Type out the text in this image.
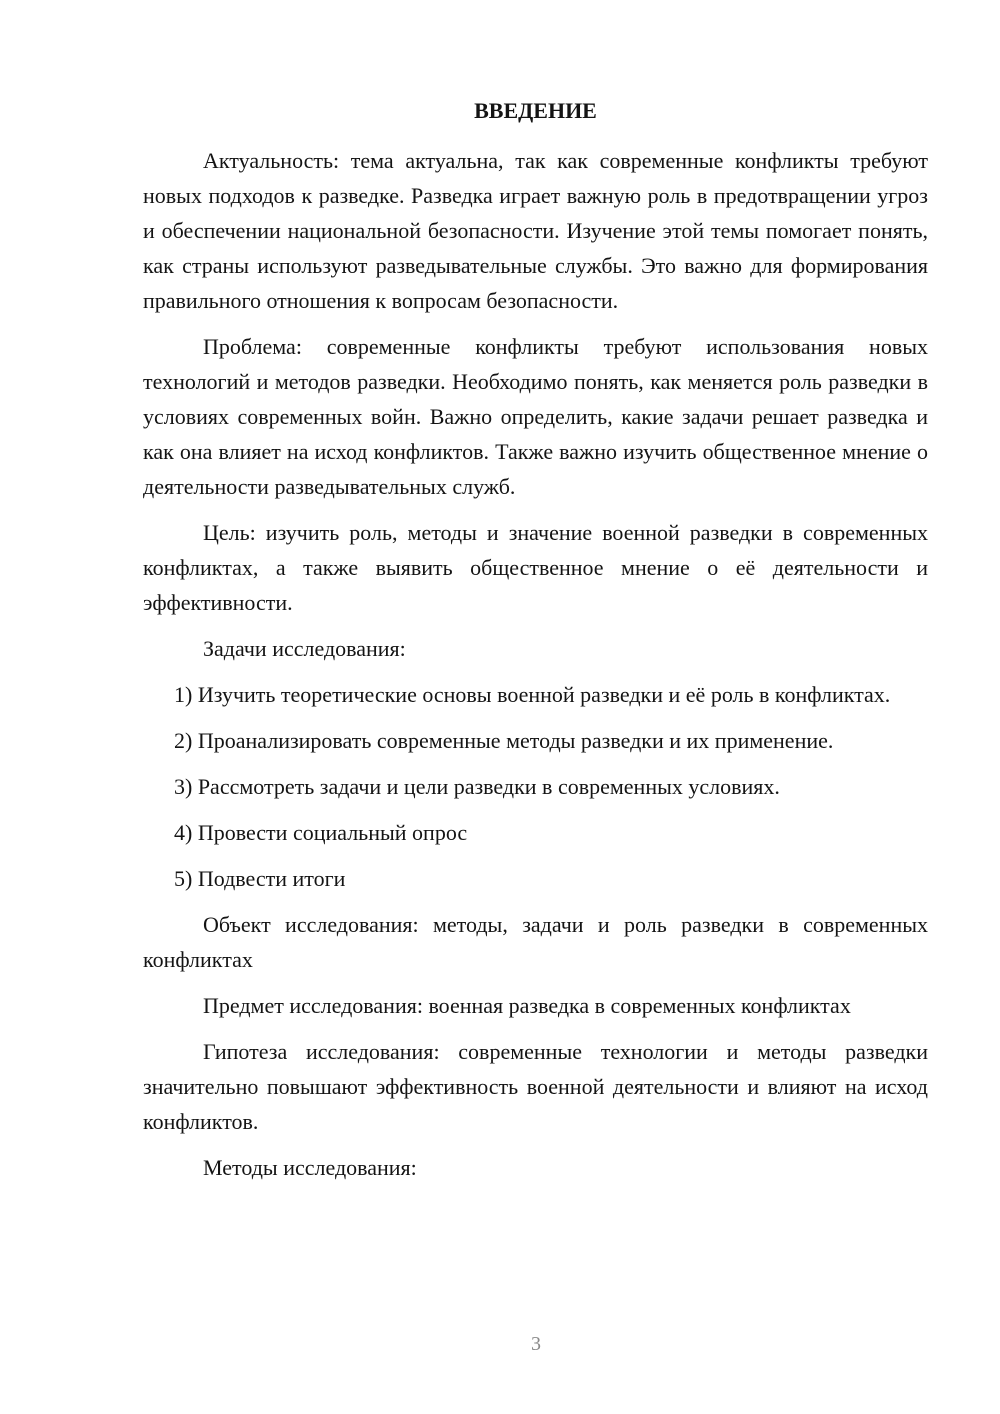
ВВЕДЕНИЕ

Актуальность: тема актуальна, так как современные конфликты требуют новых подходов к разведке. Разведка играет важную роль в предотвращении угроз и обеспечении национальной безопасности. Изучение этой темы помогает понять, как страны используют разведывательные службы. Это важно для формирования правильного отношения к вопросам безопасности.

Проблема: современные конфликты требуют использования новых технологий и методов разведки. Необходимо понять, как меняется роль разведки в условиях современных войн. Важно определить, какие задачи решает разведка и как она влияет на исход конфликтов. Также важно изучить общественное мнение о деятельности разведывательных служб.

Цель: изучить роль, методы и значение военной разведки в современных конфликтах, а также выявить общественное мнение о её деятельности и эффективности.

Задачи исследования:

1) Изучить теоретические основы военной разведки и её роль в конфликтах.

2) Проанализировать современные методы разведки и их применение.

3) Рассмотреть задачи и цели разведки в современных условиях.

4) Провести социальный опрос

5) Подвести итоги

Объект исследования: методы, задачи и роль разведки в современных конфликтах

Предмет исследования: военная разведка в современных конфликтах

Гипотеза исследования: современные технологии и методы разведки значительно повышают эффективность военной деятельности и влияют на исход конфликтов.

Методы исследования:

3
